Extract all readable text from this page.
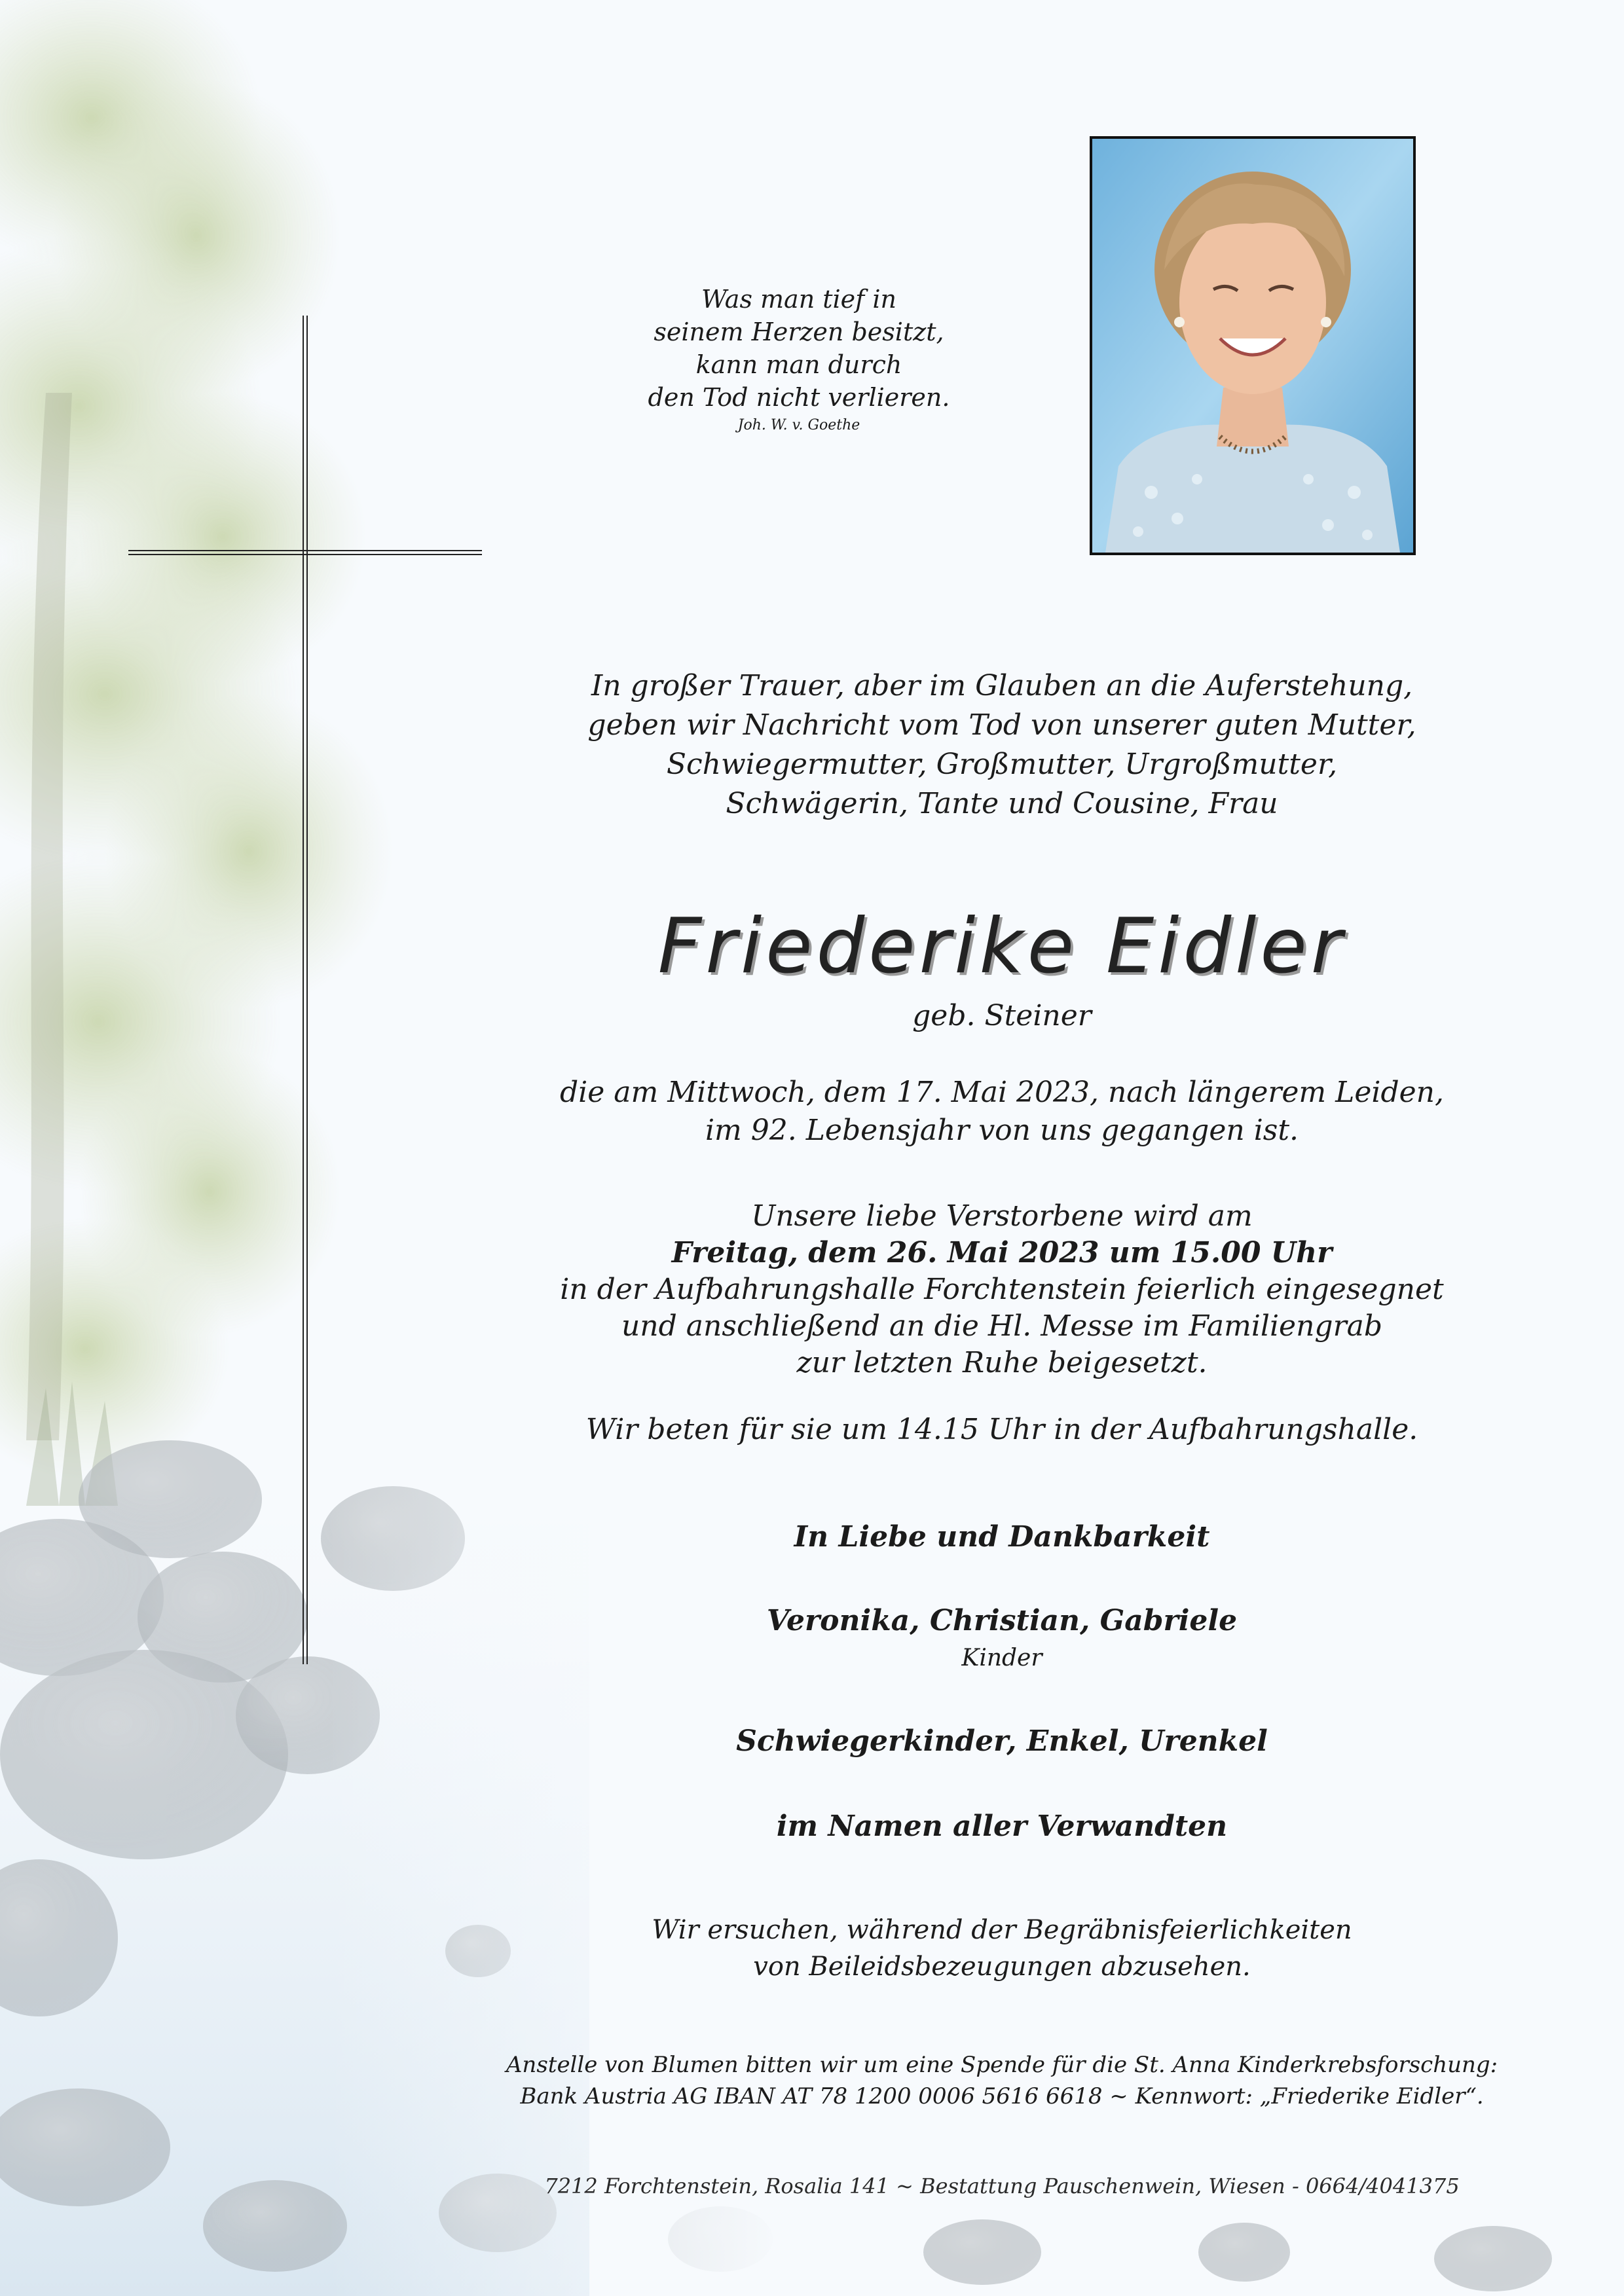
Was man tief in
seinem Herzen besitzt,
kann man durch
den Tod nicht verlieren.
Joh. W. v. Goethe
In großer Trauer, aber im Glauben an die Auferstehung,
geben wir Nachricht vom Tod von unserer guten Mutter,
Schwiegermutter, Großmutter, Urgroßmutter,
Schwägerin, Tante und Cousine, Frau
Friederike Eidler
geb. Steiner
die am Mittwoch, dem 17. Mai 2023, nach längerem Leiden,
im 92. Lebensjahr von uns gegangen ist.
Unsere liebe Verstorbene wird am
Freitag, dem 26. Mai 2023 um 15.00 Uhr
in der Aufbahrungshalle Forchtenstein feierlich eingesegnet
und anschließend an die Hl. Messe im Familiengrab
zur letzten Ruhe beigesetzt.
Wir beten für sie um 14.15 Uhr in der Aufbahrungshalle.
In Liebe und Dankbarkeit
Veronika, Christian, Gabriele
Kinder
Schwiegerkinder, Enkel, Urenkel
im Namen aller Verwandten
Wir ersuchen, während der Begräbnisfeierlichkeiten
von Beileidsbezeugungen abzusehen.
Anstelle von Blumen bitten wir um eine Spende für die St. Anna Kinderkrebsforschung:
Bank Austria AG IBAN AT 78 1200 0006 5616 6618 ~ Kennwort: „Friederike Eidler“.
7212 Forchtenstein, Rosalia 141 ~ Bestattung Pauschenwein, Wiesen - 0664/4041375
